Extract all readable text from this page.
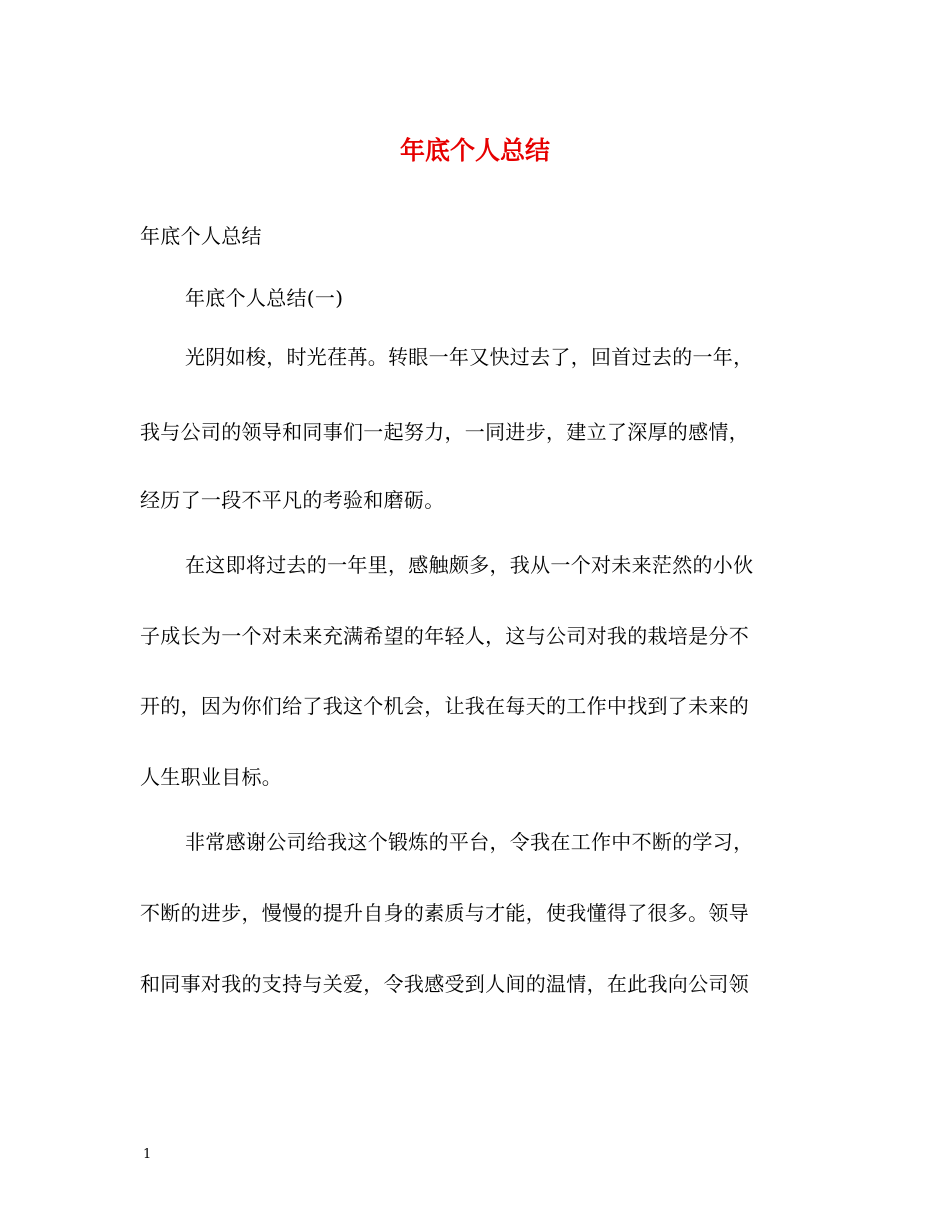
年底个人总结
年底个人总结
年底个人总结(一)
光阴如梭，时光荏苒。转眼一年又快过去了，回首过去的一年，
我与公司的领导和同事们一起努力，一同进步，建立了深厚的感情，
经历了一段不平凡的考验和磨砺。
在这即将过去的一年里，感触颇多，我从一个对未来茫然的小伙
子成长为一个对未来充满希望的年轻人，这与公司对我的栽培是分不
开的，因为你们给了我这个机会，让我在每天的工作中找到了未来的
人生职业目标。
非常感谢公司给我这个锻炼的平台，令我在工作中不断的学习，
不断的进步，慢慢的提升自身的素质与才能，使我懂得了很多。领导
和同事对我的支持与关爱，令我感受到人间的温情，在此我向公司领
1
